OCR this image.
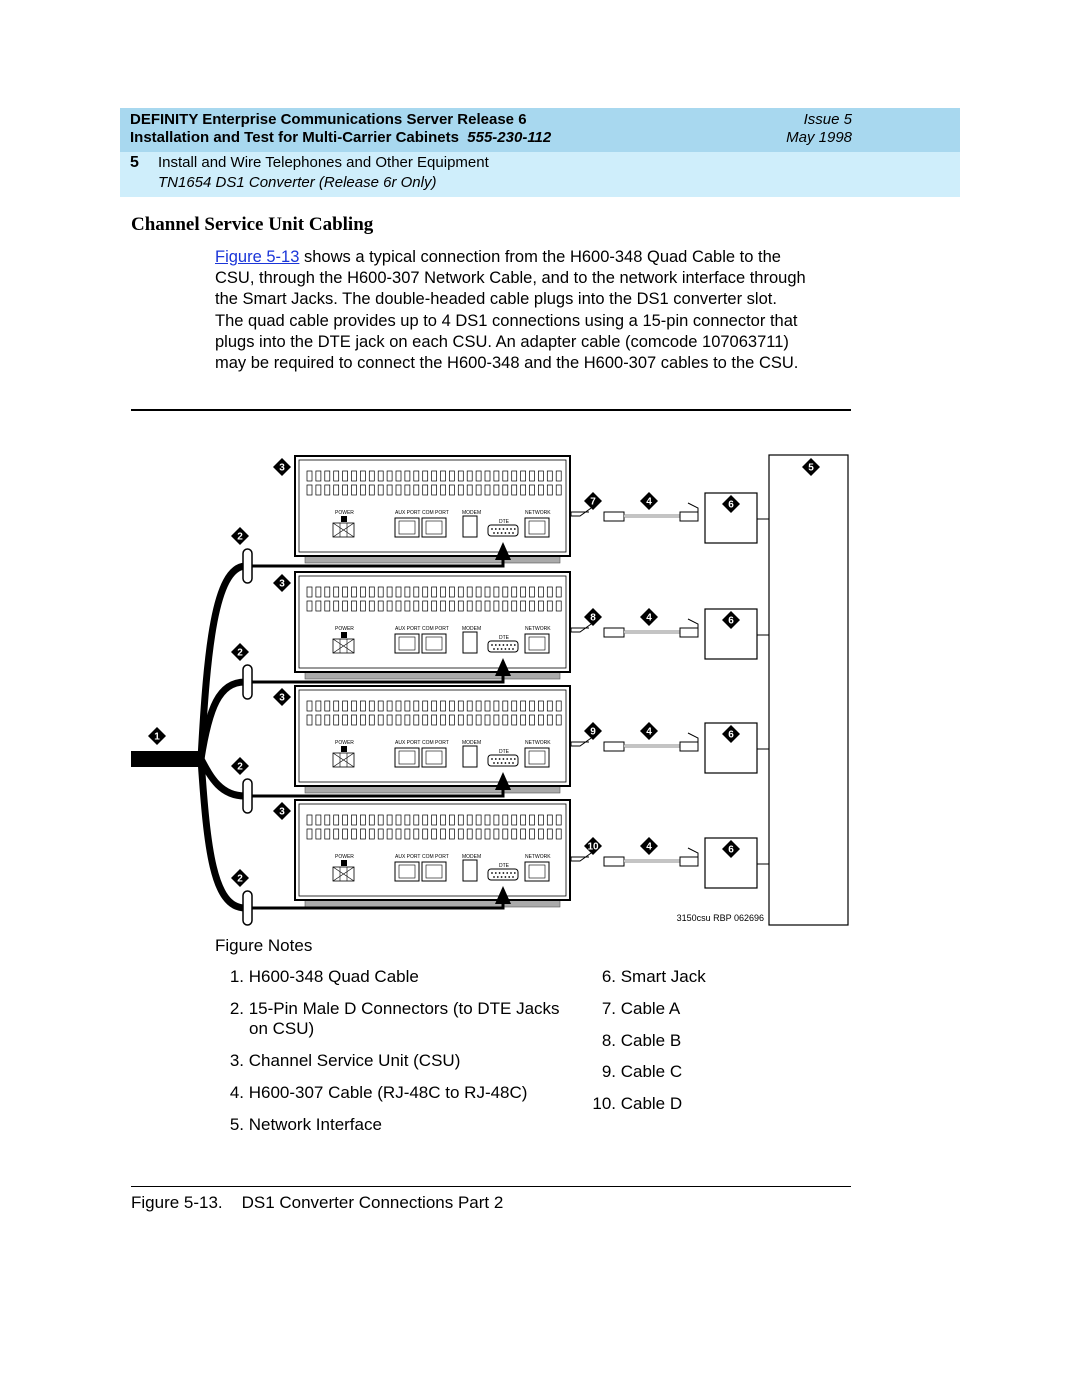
DEFINITY Enterprise Communications Server Release 6
Installation and Test for Multi-Carrier Cabinets 555-230-112
Issue 5
May 1998
5 Install and Wire Telephones and Other Equipment
TN1654 DS1 Converter (Release 6r Only)
Channel Service Unit Cabling

Figure 5-13 shows a typical connection from the H600-348 Quad Cable to the

CSU, through the H600-307 Network Cable, and to the network interface through

the Smart Jacks. The double-headed cable plugs into the DS1 converter slot.

The quad cable provides up to 4 DS1 connections using a 15-pin connector that

plugs into the DTE jack on each CSU. An adapter cable (comcode 107063711)

may be required to connect the H600-348 and the H600-307 cables to the CSU.

5
1
POWER	AUX PORT COM PORT	MODEM	NETWORK
DTE
3
2
7	4	6
POWER	AUX PORT COM PORT	MODEM	NETWORK
DTE
3
2
8	4	6
POWER	AUX PORT COM PORT	MODEM	NETWORK
DTE
3
2
9	4	6
POWER	AUX PORT COM PORT	MODEM	NETWORK
DTE
3
2
10	4	6
3150csu RBP 062696
Figure Notes
1. H600-348 Quad Cable
2. 15-Pin Male D Connectors (to DTE Jacks
on CSU)
3. Channel Service Unit (CSU)
4. H600-307 Cable (RJ-48C to RJ-48C)
5. Network Interface
6. Smart Jack
7. Cable A
8. Cable B
9. Cable C
10. Cable D
Figure 5-13. DS1 Converter Connections Part 2
